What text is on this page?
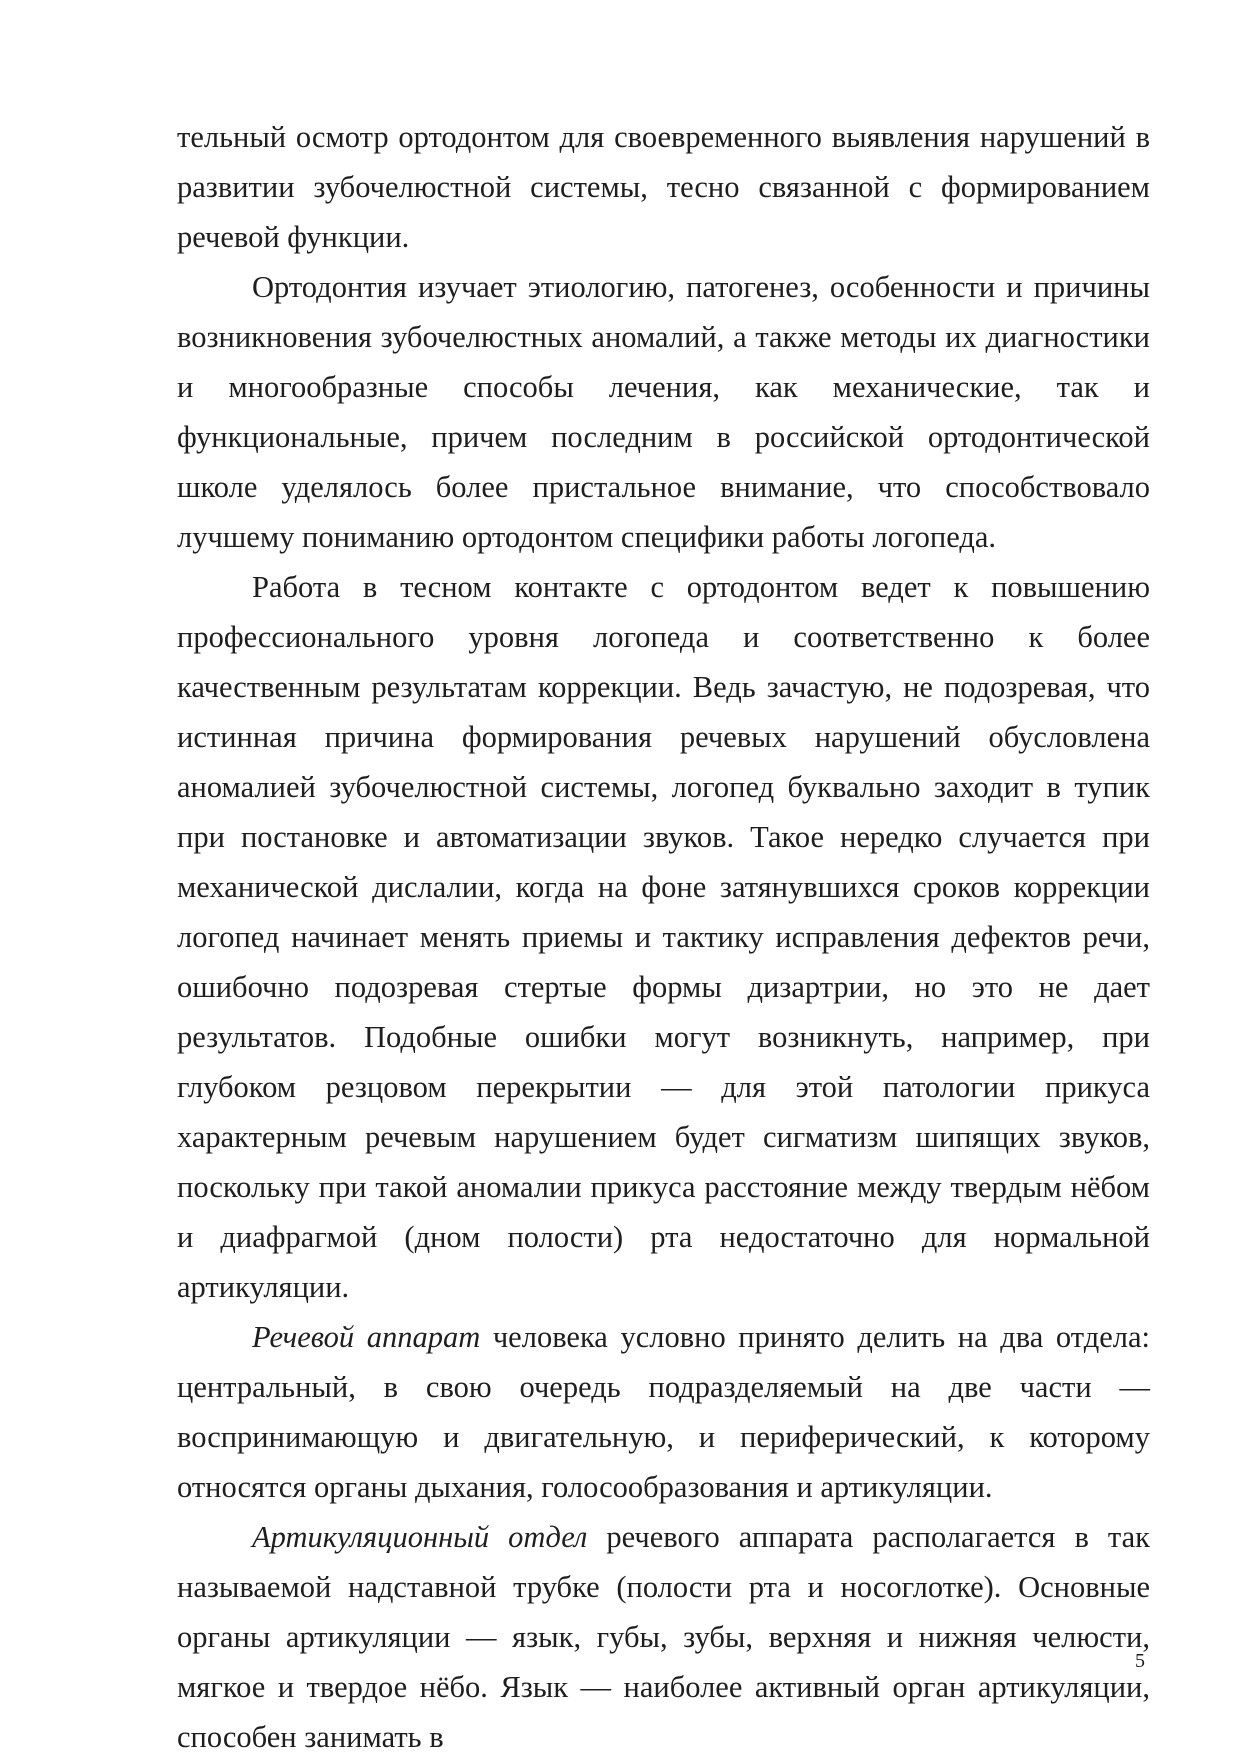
тельный осмотр ортодонтом для своевременного выявления нарушений в развитии зубочелюстной системы, тесно связанной с формированием речевой функции.

Ортодонтия изучает этиологию, патогенез, особенности и причины возникновения зубочелюстных аномалий, а также методы их диагностики и многообразные способы лечения, как механические, так и функциональные, причем последним в российской ортодонтической школе уделялось более пристальное внимание, что способствовало лучшему пониманию ортодонтом специфики работы логопеда.

Работа в тесном контакте с ортодонтом ведет к повышению профессионального уровня логопеда и соответственно к более качественным результатам коррекции. Ведь зачастую, не подозревая, что истинная причина формирования речевых нарушений обусловлена аномалией зубочелюстной системы, логопед буквально заходит в тупик при постановке и автоматизации звуков. Такое нередко случается при механической дислалии, когда на фоне затянувшихся сроков коррекции логопед начинает менять приемы и тактику исправления дефектов речи, ошибочно подозревая стертые формы дизартрии, но это не дает результатов. Подобные ошибки могут возникнуть, например, при глубоком резцовом перекрытии — для этой патологии прикуса характерным речевым нарушением будет сигматизм шипящих звуков, поскольку при такой аномалии прикуса расстояние между твердым нёбом и диафрагмой (дном полости) рта недостаточно для нормальной артикуляции.

Речевой аппарат человека условно принято делить на два отдела: центральный, в свою очередь подразделяемый на две части — воспринимающую и двигательную, и периферический, к которому относятся органы дыхания, голосообразования и артикуляции.

Артикуляционный отдел речевого аппарата располагается в так называемой надставной трубке (полости рта и носоглотке). Основные органы артикуляции — язык, губы, зубы, верхняя и нижняя челюсти, мягкое и твердое нёбо. Язык — наиболее активный орган артикуляции, способен занимать в

5
